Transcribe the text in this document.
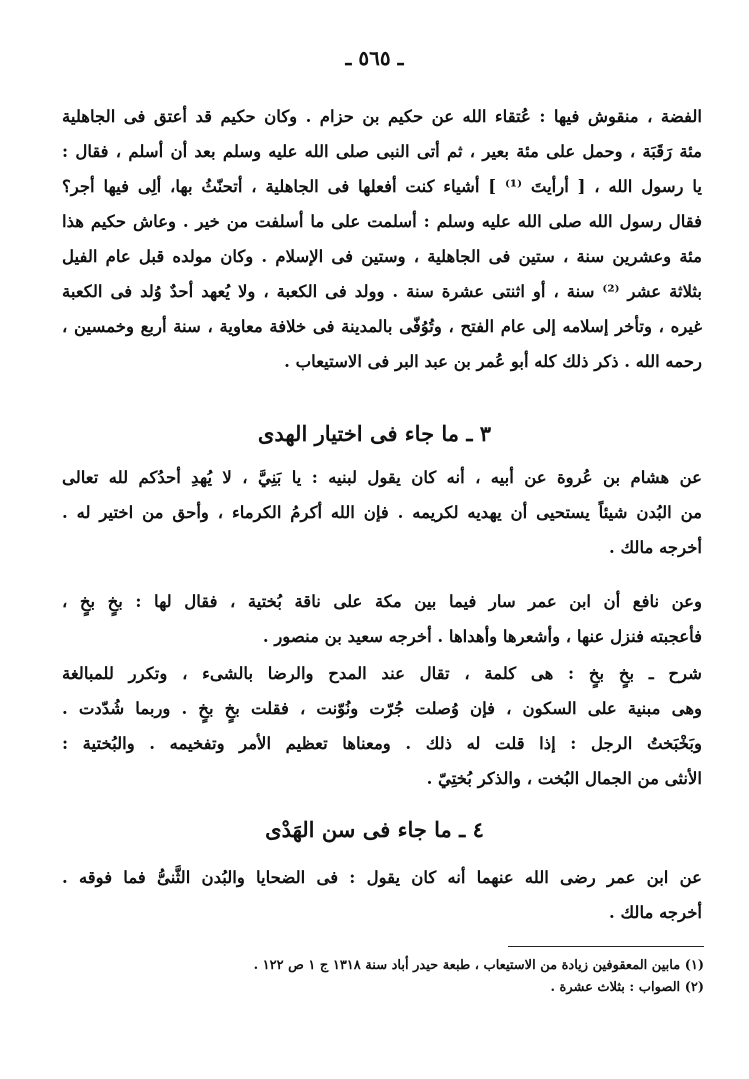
ـ ٥٦٥ ـ
الفضة ، منقوش فيها : عُتقاء الله عن حكيم بن حزام . وكان حكيم قد أعتق فى الجاهلية
مئة رَقَبَة ، وحمل على مئة بعير ، ثم أتى النبى صلى الله عليه وسلم بعد أن أسلم ، فقال :
يا رسول الله ، [ أرأيتَ ⁽¹⁾ ] أشياء كنت أفعلها فى الجاهلية ، أتحنّثُ بها، ألِى فيها أجر؟
فقال رسول الله صلى الله عليه وسلم : أسلمت على ما أسلفت من خير . وعاش حكيم هذا
مئة وعشرين سنة ، ستين فى الجاهلية ، وستين فى الإسلام . وكان مولده قبل عام الفيل
بثلاثة عشر ⁽²⁾ سنة ، أو اثنتى عشرة سنة . وولد فى الكعبة ، ولا يُعهد أحدٌ وُلد فى الكعبة
غيره ، وتأخر إسلامه إلى عام الفتح ، وتُوُفّى بالمدينة فى خلافة معاوية ، سنة أربع وخمسين ،
رحمه الله . ذكر ذلك كله أبو عُمر بن عبد البر فى الاستيعاب .
٣ ـ ما جاء فى اختيار الهدى
عن هشام بن عُروة عن أبيه ، أنه كان يقول لبنيه : يا بَنِيَّ ، لا يُهدِ أحدُكم لله تعالى
من البُدن شيئاً يستحيى أن يهديه لكريمه . فإن الله أكرمُ الكرماء ، وأحق من اختير له .
أخرجه مالك .
وعن نافع أن ابن عمر سار فيما بين مكة على ناقة بُختية ، فقال لها : بخٍ بخٍ ،
فأعجبته فنزل عنها ، وأشعرها وأهداها . أخرجه سعيد بن منصور .
شرح ـ بخٍ بخٍ : هى كلمة ، تقال عند المدح والرضا بالشىء ، وتكرر للمبالغة
وهى مبنية على السكون ، فإن وُصلت جُرّت ونُوّنت ، فقلت بخٍ بخٍ . وربما شُدّدت .
وبَخْبَختُ الرجل : إذا قلت له ذلك . ومعناها تعظيم الأمر وتفخيمه . والبُختية :
الأنثى من الجمال البُخت ، والذكر بُختِيّ .
٤ ـ ما جاء فى سن الهَدْى
عن ابن عمر رضى الله عنهما أنه كان يقول : فى الضحايا والبُدن الثَّنىُّ فما فوقه .
أخرجه مالك .
(١) مابين المعقوفين زيادة من الاستيعاب ، طبعة حيدر أباد سنة ١٣١٨ ج ١ ص ١٢٢ .
(٢) الصواب : بثلاث عشرة .
